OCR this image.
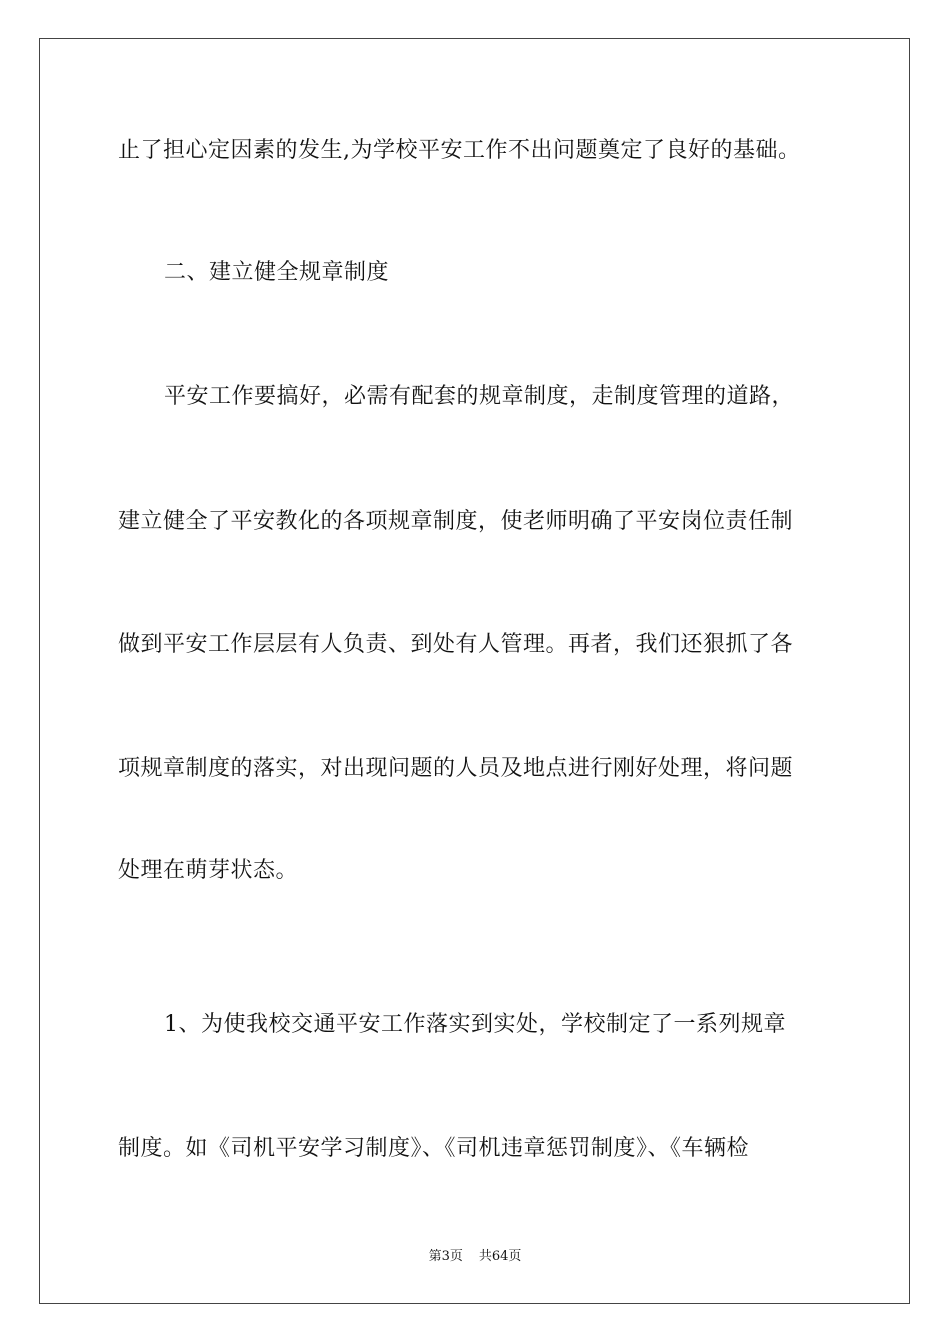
止了担心定因素的发生,为学校平安工作不出问题奠定了良好的基础。
二、建立健全规章制度
平安工作要搞好，必需有配套的规章制度，走制度管理的道路，
建立健全了平安教化的各项规章制度，使老师明确了平安岗位责任制
做到平安工作层层有人负责、到处有人管理。再者，我们还狠抓了各
项规章制度的落实，对出现问题的人员及地点进行刚好处理，将问题
处理在萌芽状态。
1、为使我校交通平安工作落实到实处，学校制定了一系列规章
制度。如《司机平安学习制度》、《司机违章惩罚制度》、《车辆检
第3页 共64页
